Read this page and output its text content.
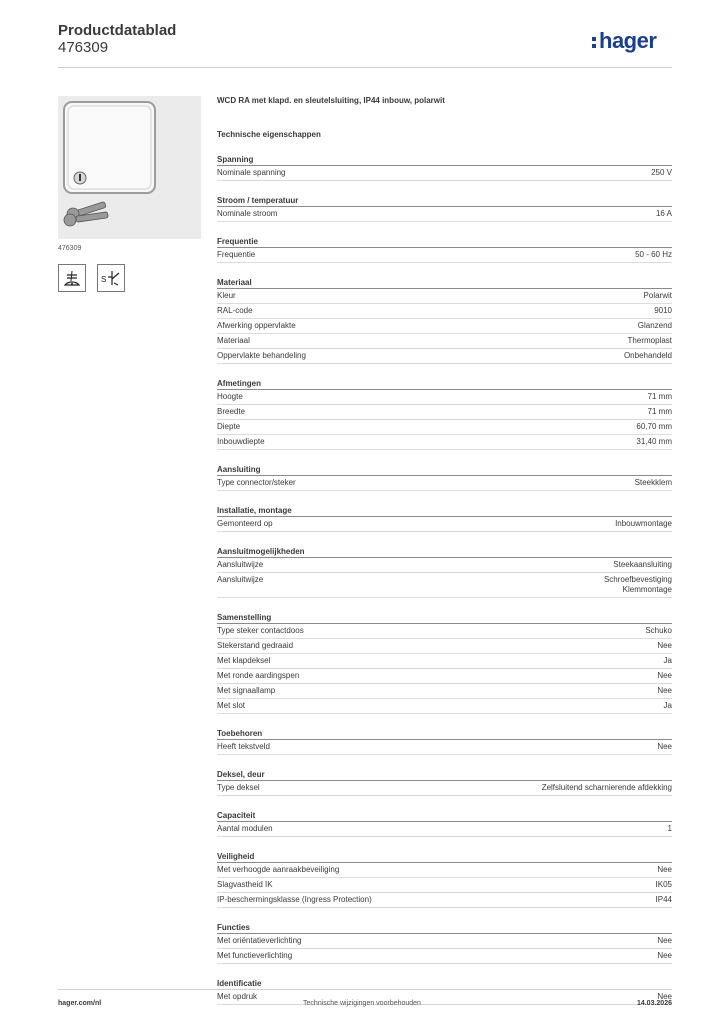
Productdatablad
476309	hager
476309
S
WCD RA met klapd. en sleutelsluiting, IP44 inbouw, polarwit
Technische eigenschappen
Spanning
Nominale spanning	250 V
Stroom / temperatuur
Nominale stroom	16 A
Frequentie
Frequentie	50 - 60 Hz
Materiaal
Kleur	Polarwit
RAL-code	9010
Afwerking oppervlakte	Glanzend
Materiaal	Thermoplast
Oppervlakte behandeling	Onbehandeld
Afmetingen
Hoogte	71 mm
Breedte	71 mm
Diepte	60,70 mm
Inbouwdiepte	31,40 mm
Aansluiting
Type connector/steker	Steekklem
Installatie, montage
Gemonteerd op	Inbouwmontage
Aansluitmogelijkheden
Aansluitwijze	Steekaansluiting
Aansluitwijze	Schroefbevestiging
Klemmontage
Samenstelling
Type steker contactdoos	Schuko
Stekerstand gedraaid	Nee
Met klapdeksel	Ja
Met ronde aardingspen	Nee
Met signaallamp	Nee
Met slot	Ja
Toebehoren
Heeft tekstveld	Nee
Deksel, deur
Type deksel	Zelfsluitend scharnierende afdekking
Capaciteit
Aantal modulen	1
Veiligheid
Met verhoogde aanraakbeveiliging	Nee
Slagvastheid IK	IK05
IP-beschermingsklasse (Ingress Protection)	IP44
Functies
Met oriëntatieverlichting	Nee
Met functieverlichting	Nee
Identificatie
Met opdruk	Nee
hager.com/nl	Technische wijzigingen voorbehouden	14.03.2026
